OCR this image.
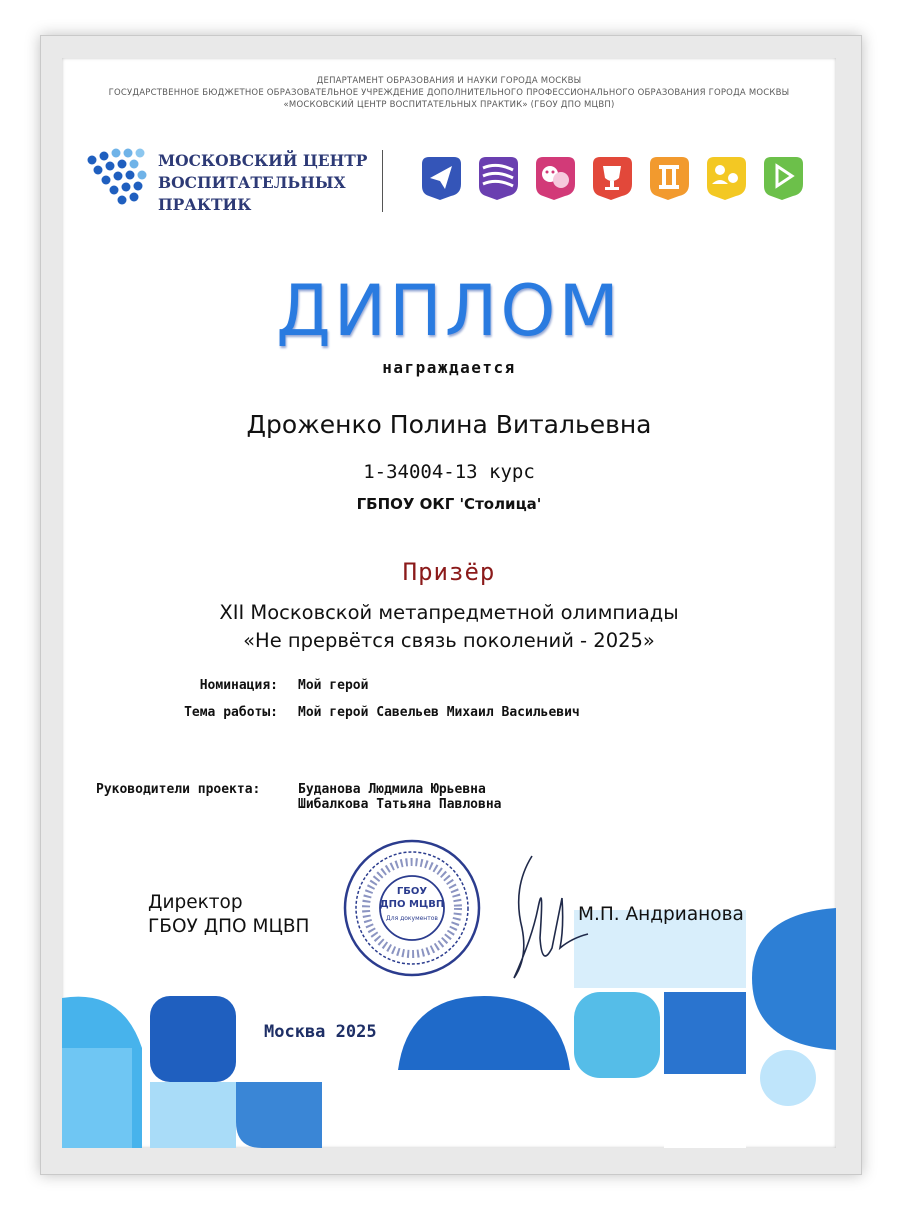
ДЕПАРТАМЕНТ ОБРАЗОВАНИЯ И НАУКИ ГОРОДА МОСКВЫ
ГОСУДАРСТВЕННОЕ БЮДЖЕТНОЕ ОБРАЗОВАТЕЛЬНОЕ УЧРЕЖДЕНИЕ ДОПОЛНИТЕЛЬНОГО ПРОФЕССИОНАЛЬНОГО ОБРАЗОВАНИЯ ГОРОДА МОСКВЫ
«МОСКОВСКИЙ ЦЕНТР ВОСПИТАТЕЛЬНЫХ ПРАКТИК» (ГБОУ ДПО МЦВП)
МОСКОВСКИЙ ЦЕНТР
ВОСПИТАТЕЛЬНЫХ
ПРАКТИК
ДИПЛОМ
награждается
Дроженко Полина Витальевна
1-34004-13 курс
ГБПОУ ОКГ 'Столица'
Призёр
XII Московской метапредметной олимпиады
«Не прервётся связь поколений - 2025»
Номинация: Мой герой
Тема работы: Мой герой Савельев Михаил Васильевич
Руководители проекта:	Буданова Людмила Юрьевна
Шибалкова Татьяна Павловна
Директор
ГБОУ ДПО МЦВП
М.П. Андрианова
ГБОУ
ДПО МЦВП
Для документов
Москва 2025
